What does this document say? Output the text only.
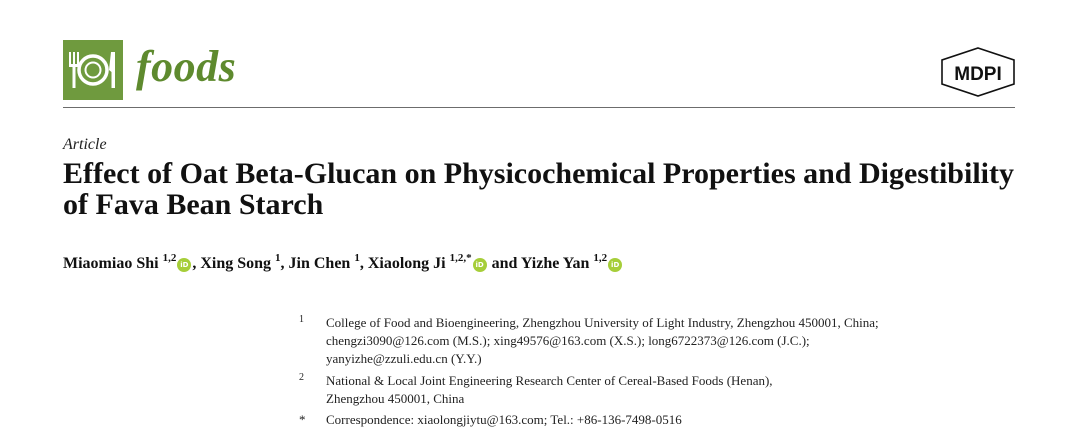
foods	MDPI
Article
Effect of Oat Beta-Glucan on Physicochemical Properties and Digestibility of Fava Bean Starch
Miaomiao Shi $^{1,2}$iD , Xing Song $^1$, Jin Chen $^1$, Xiaolong Ji $^{1,2,*}$iD and Yizhe Yan $^{1,2}$iD
1 College of Food and Bioengineering, Zhengzhou University of Light Industry, Zhengzhou 450001, China;
chengzi3090@126.com (M.S.); xing49576@163.com (X.S.); long6722373@126.com (J.C.);
yanyizhe@zzuli.edu.cn (Y.Y.)
2 National & Local Joint Engineering Research Center of Cereal-Based Foods (Henan),
Zhengzhou 450001, China
* Correspondence: xiaolongjiytu@163.com; Tel.: +86-136-7498-0516
